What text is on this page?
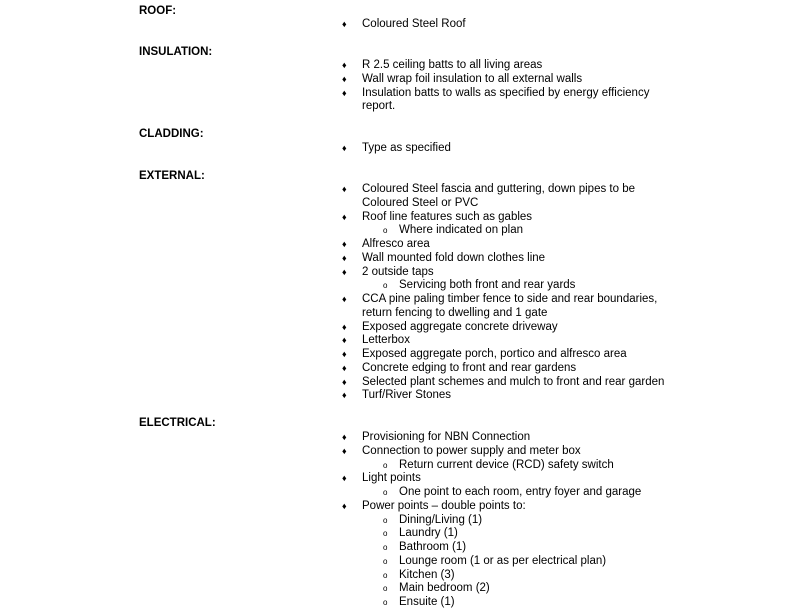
ROOF:
♦ Coloured Steel Roof
INSULATION:
♦ R 2.5 ceiling batts to all living areas
♦ Wall wrap foil insulation to all external walls
♦ Insulation batts to walls as specified by energy efficiency
report.
CLADDING:
♦ Type as specified
EXTERNAL:
♦ Coloured Steel fascia and guttering, down pipes to be
Coloured Steel or PVC
♦ Roof line features such as gables
o Where indicated on plan
♦ Alfresco area
♦ Wall mounted fold down clothes line
♦ 2 outside taps
o Servicing both front and rear yards
♦ CCA pine paling timber fence to side and rear boundaries,
return fencing to dwelling and 1 gate
♦ Exposed aggregate concrete driveway
♦ Letterbox
♦ Exposed aggregate porch, portico and alfresco area
♦ Concrete edging to front and rear gardens
♦ Selected plant schemes and mulch to front and rear garden
♦ Turf/River Stones
ELECTRICAL:
♦ Provisioning for NBN Connection
♦ Connection to power supply and meter box
o Return current device (RCD) safety switch
♦ Light points
o One point to each room, entry foyer and garage
♦ Power points – double points to:
o Dining/Living (1)
o Laundry (1)
o Bathroom (1)
o Lounge room (1 or as per electrical plan)
o Kitchen (3)
o Main bedroom (2)
o Ensuite (1)
